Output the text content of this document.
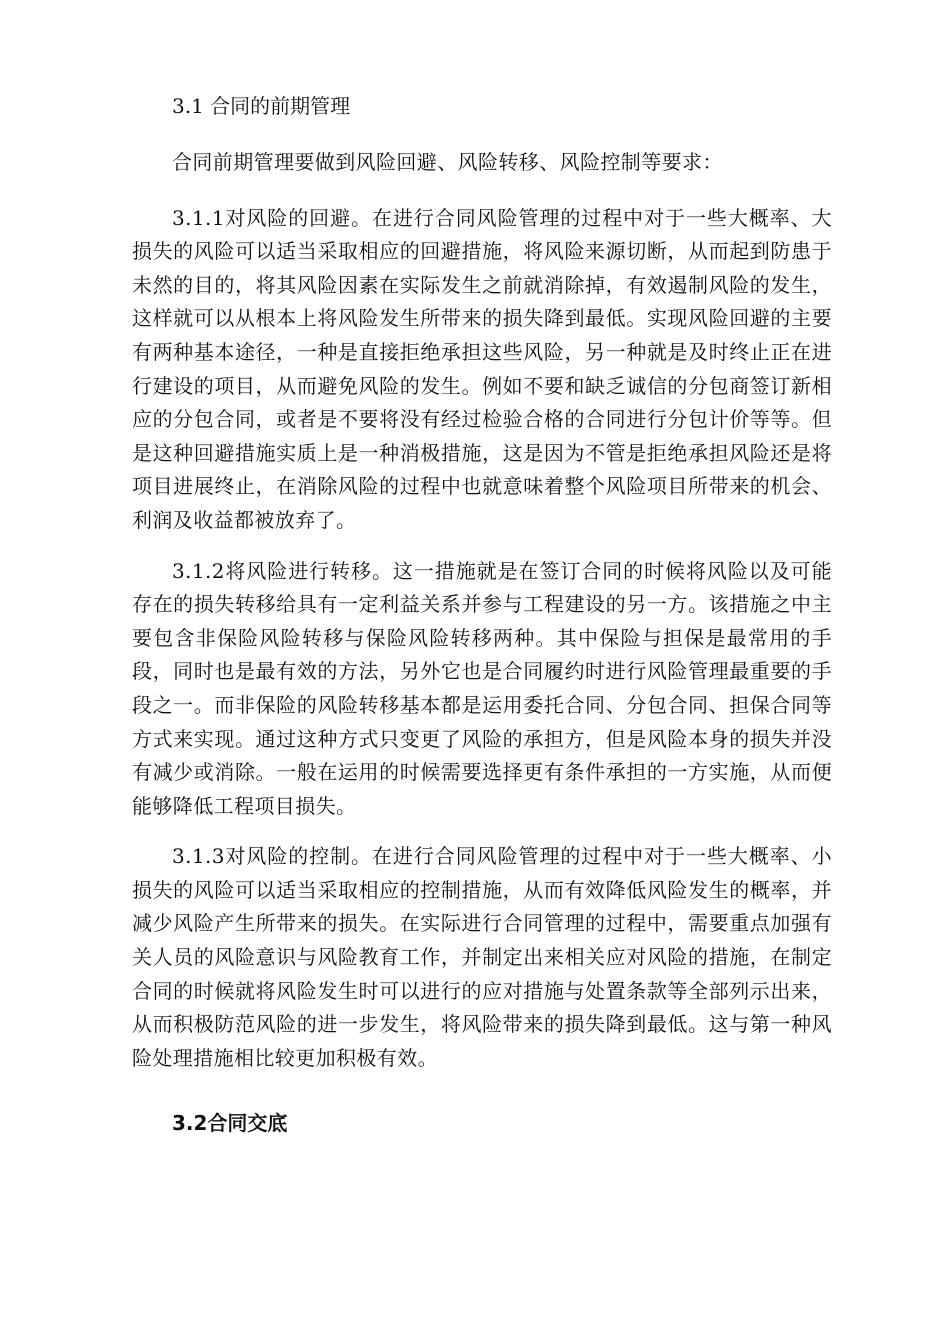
3.1 合同的前期管理

合同前期管理要做到风险回避、风险转移、风险控制等要求：

3.1.1对风险的回避。在进行合同风险管理的过程中对于一些大概率、大损失的风险可以适当采取相应的回避措施，将风险来源切断，从而起到防患于未然的目的，将其风险因素在实际发生之前就消除掉，有效遏制风险的发生，这样就可以从根本上将风险发生所带来的损失降到最低。实现风险回避的主要有两种基本途径，一种是直接拒绝承担这些风险，另一种就是及时终止正在进行建设的项目，从而避免风险的发生。例如不要和缺乏诚信的分包商签订新相应的分包合同，或者是不要将没有经过检验合格的合同进行分包计价等等。但是这种回避措施实质上是一种消极措施，这是因为不管是拒绝承担风险还是将项目进展终止，在消除风险的过程中也就意味着整个风险项目所带来的机会、利润及收益都被放弃了。

3.1.2将风险进行转移。这一措施就是在签订合同的时候将风险以及可能存在的损失转移给具有一定利益关系并参与工程建设的另一方。该措施之中主要包含非保险风险转移与保险风险转移两种。其中保险与担保是最常用的手段，同时也是最有效的方法，另外它也是合同履约时进行风险管理最重要的手段之一。而非保险的风险转移基本都是运用委托合同、分包合同、担保合同等方式来实现。通过这种方式只变更了风险的承担方，但是风险本身的损失并没有减少或消除。一般在运用的时候需要选择更有条件承担的一方实施，从而便能够降低工程项目损失。

3.1.3对风险的控制。在进行合同风险管理的过程中对于一些大概率、小损失的风险可以适当采取相应的控制措施，从而有效降低风险发生的概率，并减少风险产生所带来的损失。在实际进行合同管理的过程中，需要重点加强有关人员的风险意识与风险教育工作，并制定出来相关应对风险的措施，在制定合同的时候就将风险发生时可以进行的应对措施与处置条款等全部列示出来，从而积极防范风险的进一步发生，将风险带来的损失降到最低。这与第一种风险处理措施相比较更加积极有效。

3.2合同交底
